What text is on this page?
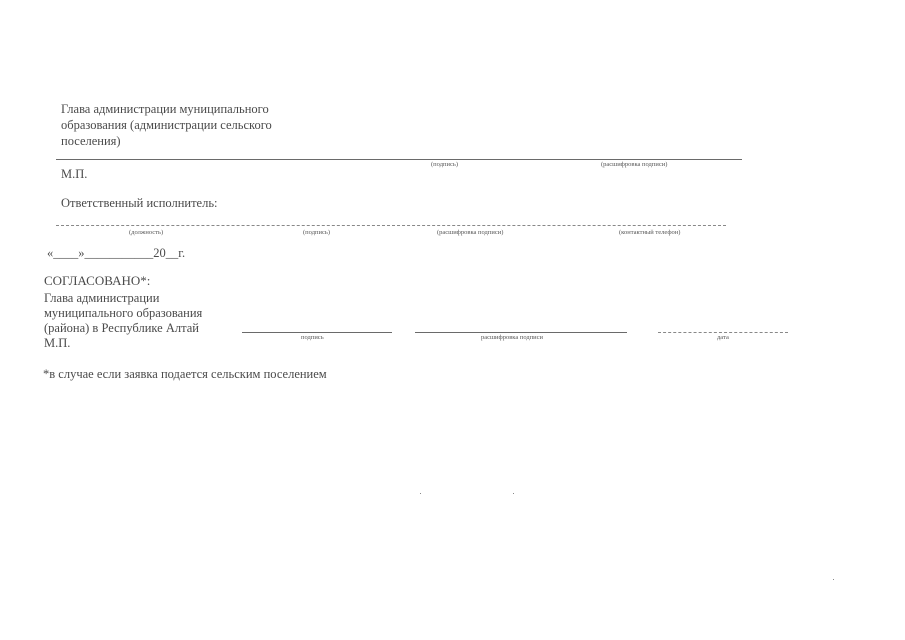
Глава администрации муниципального
образования (администрации сельского
поселения)
(подпись)	(расшифровка подписи)
М.П.
Ответственный исполнитель:
(должность)	(подпись)	(расшифровка подписи)	(контактный телефон)
«____»___________20__г.
СОГЛАСОВАНО*:
Глава администрации
муниципального образования
(района) в Республике Алтай
М.П.	подпись	расшифровка подписи	дата
*в случае если заявка подается сельским поселением
